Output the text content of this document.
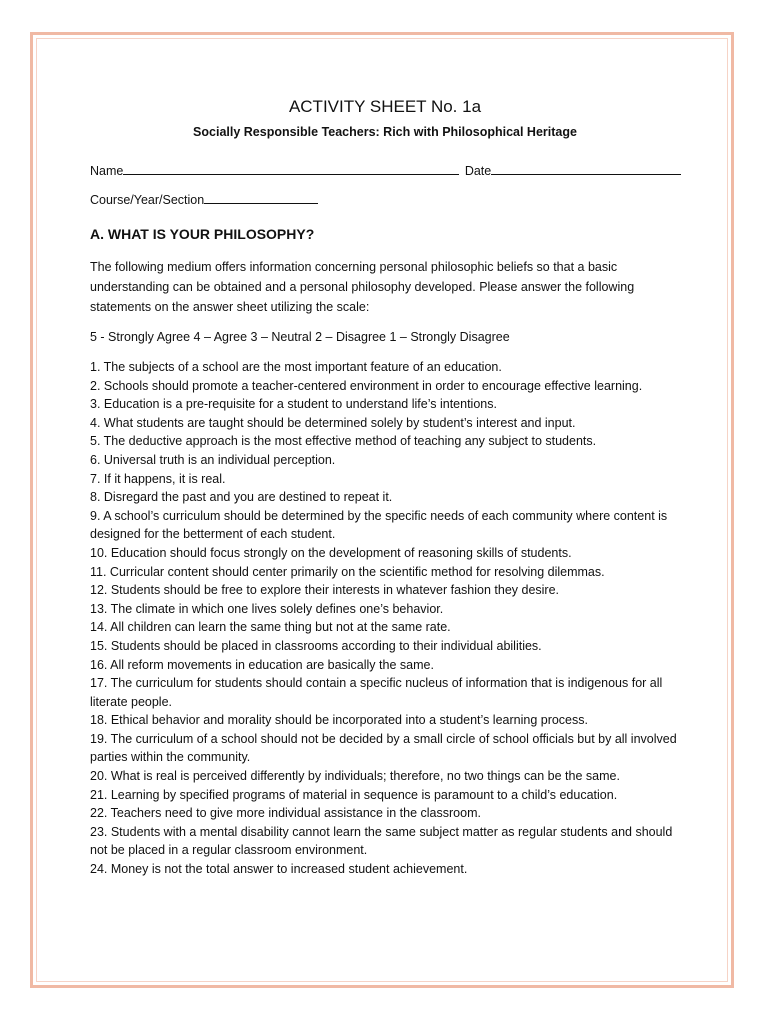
ACTIVITY SHEET No. 1a
Socially Responsible Teachers: Rich with Philosophical Heritage
Name	Date
Course/Year/Section
A. WHAT IS YOUR PHILOSOPHY?

The following medium offers information concerning personal philosophic beliefs so that a basic understanding can be obtained and a personal philosophy developed. Please answer the following statements on the answer sheet utilizing the scale:

5 - Strongly Agree 4 – Agree 3 – Neutral 2 – Disagree 1 – Strongly Disagree

1. The subjects of a school are the most important feature of an education.
2. Schools should promote a teacher-centered environment in order to encourage effective learning.
3. Education is a pre-requisite for a student to understand life’s intentions.
4. What students are taught should be determined solely by student’s interest and input.
5. The deductive approach is the most effective method of teaching any subject to students.
6. Universal truth is an individual perception.
7. If it happens, it is real.
8. Disregard the past and you are destined to repeat it.
9. A school’s curriculum should be determined by the specific needs of each community where content is designed for the betterment of each student.
10. Education should focus strongly on the development of reasoning skills of students.
11. Curricular content should center primarily on the scientific method for resolving dilemmas.
12. Students should be free to explore their interests in whatever fashion they desire.
13. The climate in which one lives solely defines one’s behavior.
14. All children can learn the same thing but not at the same rate.
15. Students should be placed in classrooms according to their individual abilities.
16. All reform movements in education are basically the same.
17. The curriculum for students should contain a specific nucleus of information that is indigenous for all literate people.
18. Ethical behavior and morality should be incorporated into a student’s learning process.
19. The curriculum of a school should not be decided by a small circle of school officials but by all involved parties within the community.
20. What is real is perceived differently by individuals; therefore, no two things can be the same.
21. Learning by specified programs of material in sequence is paramount to a child’s education.
22. Teachers need to give more individual assistance in the classroom.
23. Students with a mental disability cannot learn the same subject matter as regular students and should not be placed in a regular classroom environment.
24. Money is not the total answer to increased student achievement.
